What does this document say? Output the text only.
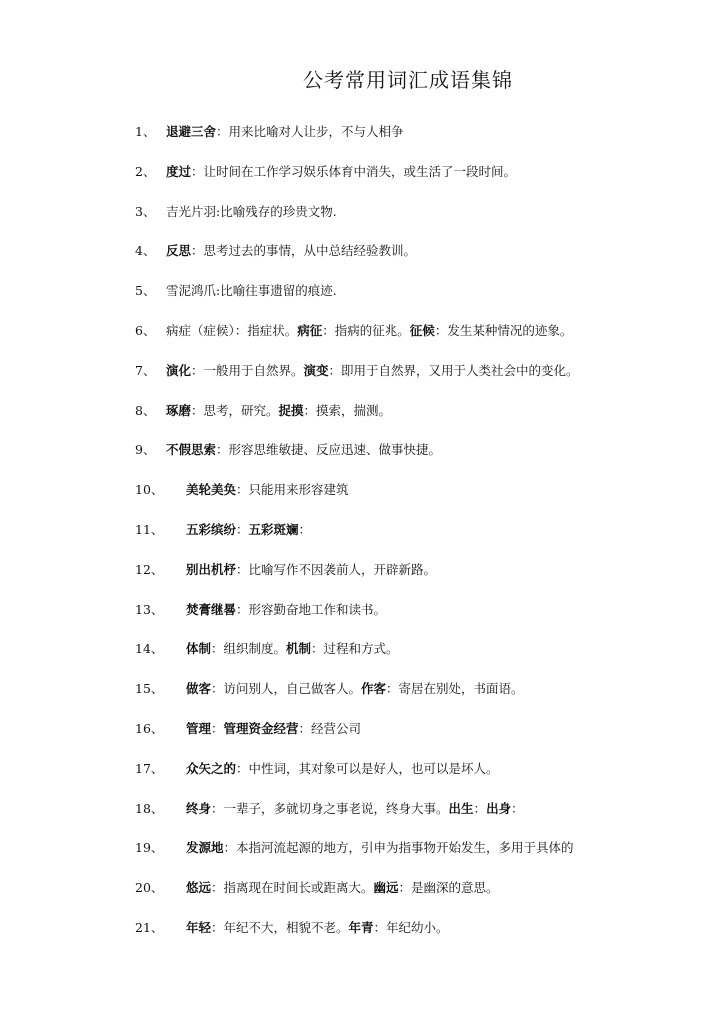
公考常用词汇成语集锦
1、 退避三舍：用来比喻对人让步，不与人相争
2、 度过：让时间在工作学习娱乐体育中消失，或生活了一段时间。
3、 吉光片羽:比喻残存的珍贵文物.
4、 反思：思考过去的事情，从中总结经验教训。
5、 雪泥鸿爪:比喻往事遗留的痕迹.
6、 病症（症候）：指症状。病征：指病的征兆。征候：发生某种情况的迹象。
7、 演化：一般用于自然界。演变：即用于自然界，又用于人类社会中的变化。
8、 琢磨：思考，研究。捉摸：摸索，揣测。
9、 不假思索：形容思维敏捷、反应迅速、做事快捷。
10、 美轮美奂：只能用来形容建筑
11、 五彩缤纷：五彩斑斓：
12、 别出机杼：比喻写作不因袭前人，开辟新路。
13、 焚膏继晷：形容勤奋地工作和读书。
14、 体制：组织制度。机制：过程和方式。
15、 做客：访问别人，自己做客人。作客：寄居在别处，书面语。
16、 管理：管理资金经营：经营公司
17、 众矢之的：中性词，其对象可以是好人，也可以是坏人。
18、 终身：一辈子，多就切身之事老说，终身大事。出生：出身：
19、 发源地：本指河流起源的地方，引申为指事物开始发生，多用于具体的
20、 悠远：指离现在时间长或距离大。幽远：是幽深的意思。
21、 年轻：年纪不大，相貌不老。年青：年纪幼小。
